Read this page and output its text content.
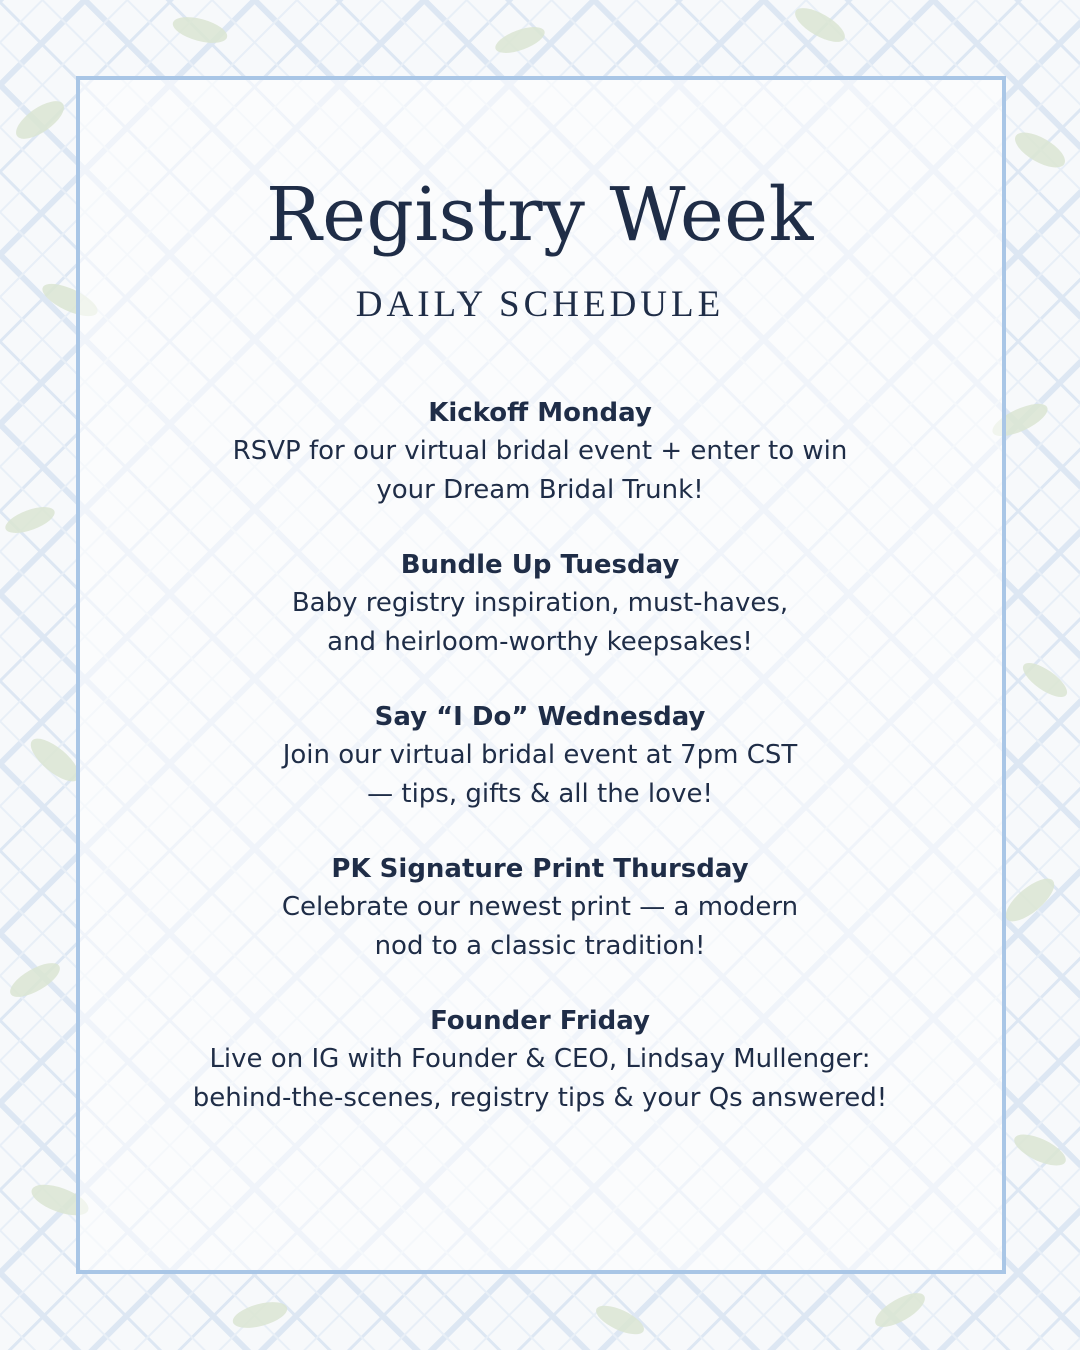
Registry Week
DAILY SCHEDULE
Kickoff Monday
RSVP for our virtual bridal event + enter to win
your Dream Bridal Trunk!
Bundle Up Tuesday
Baby registry inspiration, must-haves,
and heirloom-worthy keepsakes!
Say “I Do” Wednesday
Join our virtual bridal event at 7pm CST
— tips, gifts & all the love!
PK Signature Print Thursday
Celebrate our newest print — a modern
nod to a classic tradition!
Founder Friday
Live on IG with Founder & CEO, Lindsay Mullenger:
behind-the-scenes, registry tips & your Qs answered!
